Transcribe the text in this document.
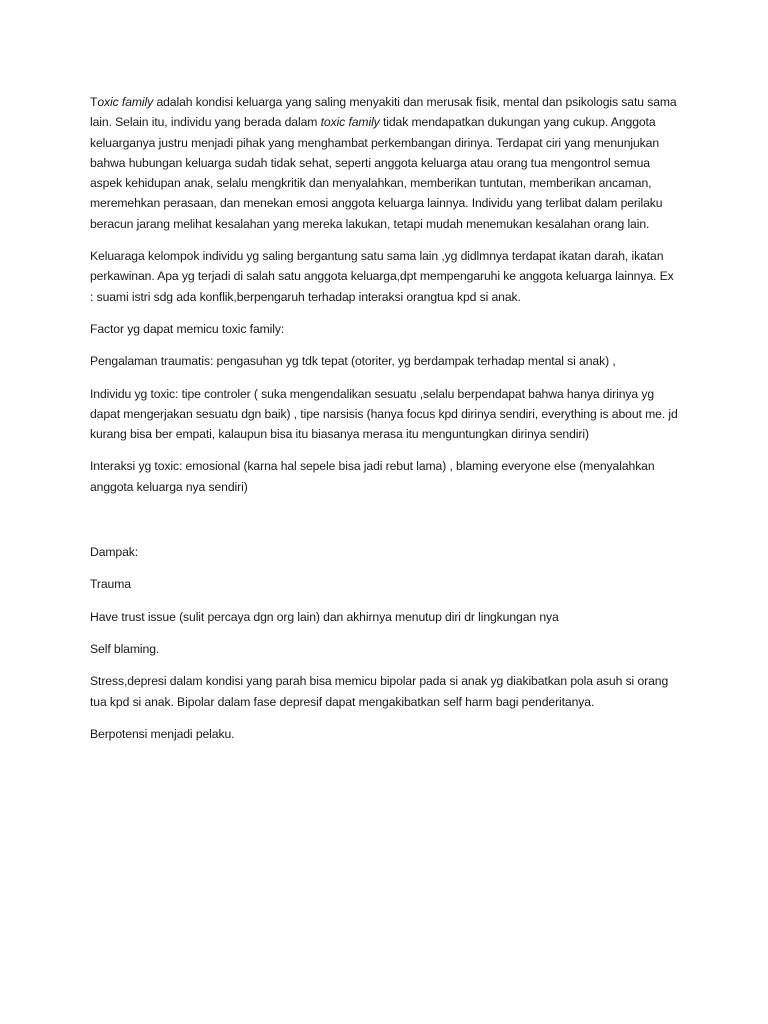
Toxic family adalah kondisi keluarga yang saling menyakiti dan merusak fisik, mental dan psikologis satu sama lain. Selain itu, individu yang berada dalam toxic family tidak mendapatkan dukungan yang cukup. Anggota keluarganya justru menjadi pihak yang menghambat perkembangan dirinya. Terdapat ciri yang menunjukan bahwa hubungan keluarga sudah tidak sehat, seperti anggota keluarga atau orang tua mengontrol semua aspek kehidupan anak, selalu mengkritik dan menyalahkan, memberikan tuntutan, memberikan ancaman, meremehkan perasaan, dan menekan emosi anggota keluarga lainnya. Individu yang terlibat dalam perilaku beracun jarang melihat kesalahan yang mereka lakukan, tetapi mudah menemukan kesalahan orang lain.

Keluaraga kelompok individu yg saling bergantung satu sama lain ,yg didlmnya terdapat ikatan darah, ikatan perkawinan. Apa yg terjadi di salah satu anggota keluarga,dpt mempengaruhi ke anggota keluarga lainnya. Ex : suami istri sdg ada konflik,berpengaruh terhadap interaksi orangtua kpd si anak.

Factor yg dapat memicu toxic family:

Pengalaman traumatis: pengasuhan yg tdk tepat (otoriter, yg berdampak terhadap mental si anak) ,

Individu yg toxic: tipe controler ( suka mengendalikan sesuatu ,selalu berpendapat bahwa hanya dirinya yg dapat mengerjakan sesuatu dgn baik) , tipe narsisis (hanya focus kpd dirinya sendiri, everything is about me. jd kurang bisa ber empati, kalaupun bisa itu biasanya merasa itu menguntungkan dirinya sendiri)

Interaksi yg toxic: emosional (karna hal sepele bisa jadi rebut lama) , blaming everyone else (menyalahkan anggota keluarga nya sendiri)

Dampak:

Trauma

Have trust issue (sulit percaya dgn org lain) dan akhirnya menutup diri dr lingkungan nya

Self blaming.

Stress,depresi dalam kondisi yang parah bisa memicu bipolar pada si anak yg diakibatkan pola asuh si orang tua kpd si anak. Bipolar dalam fase depresif dapat mengakibatkan self harm bagi penderitanya.

Berpotensi menjadi pelaku.
